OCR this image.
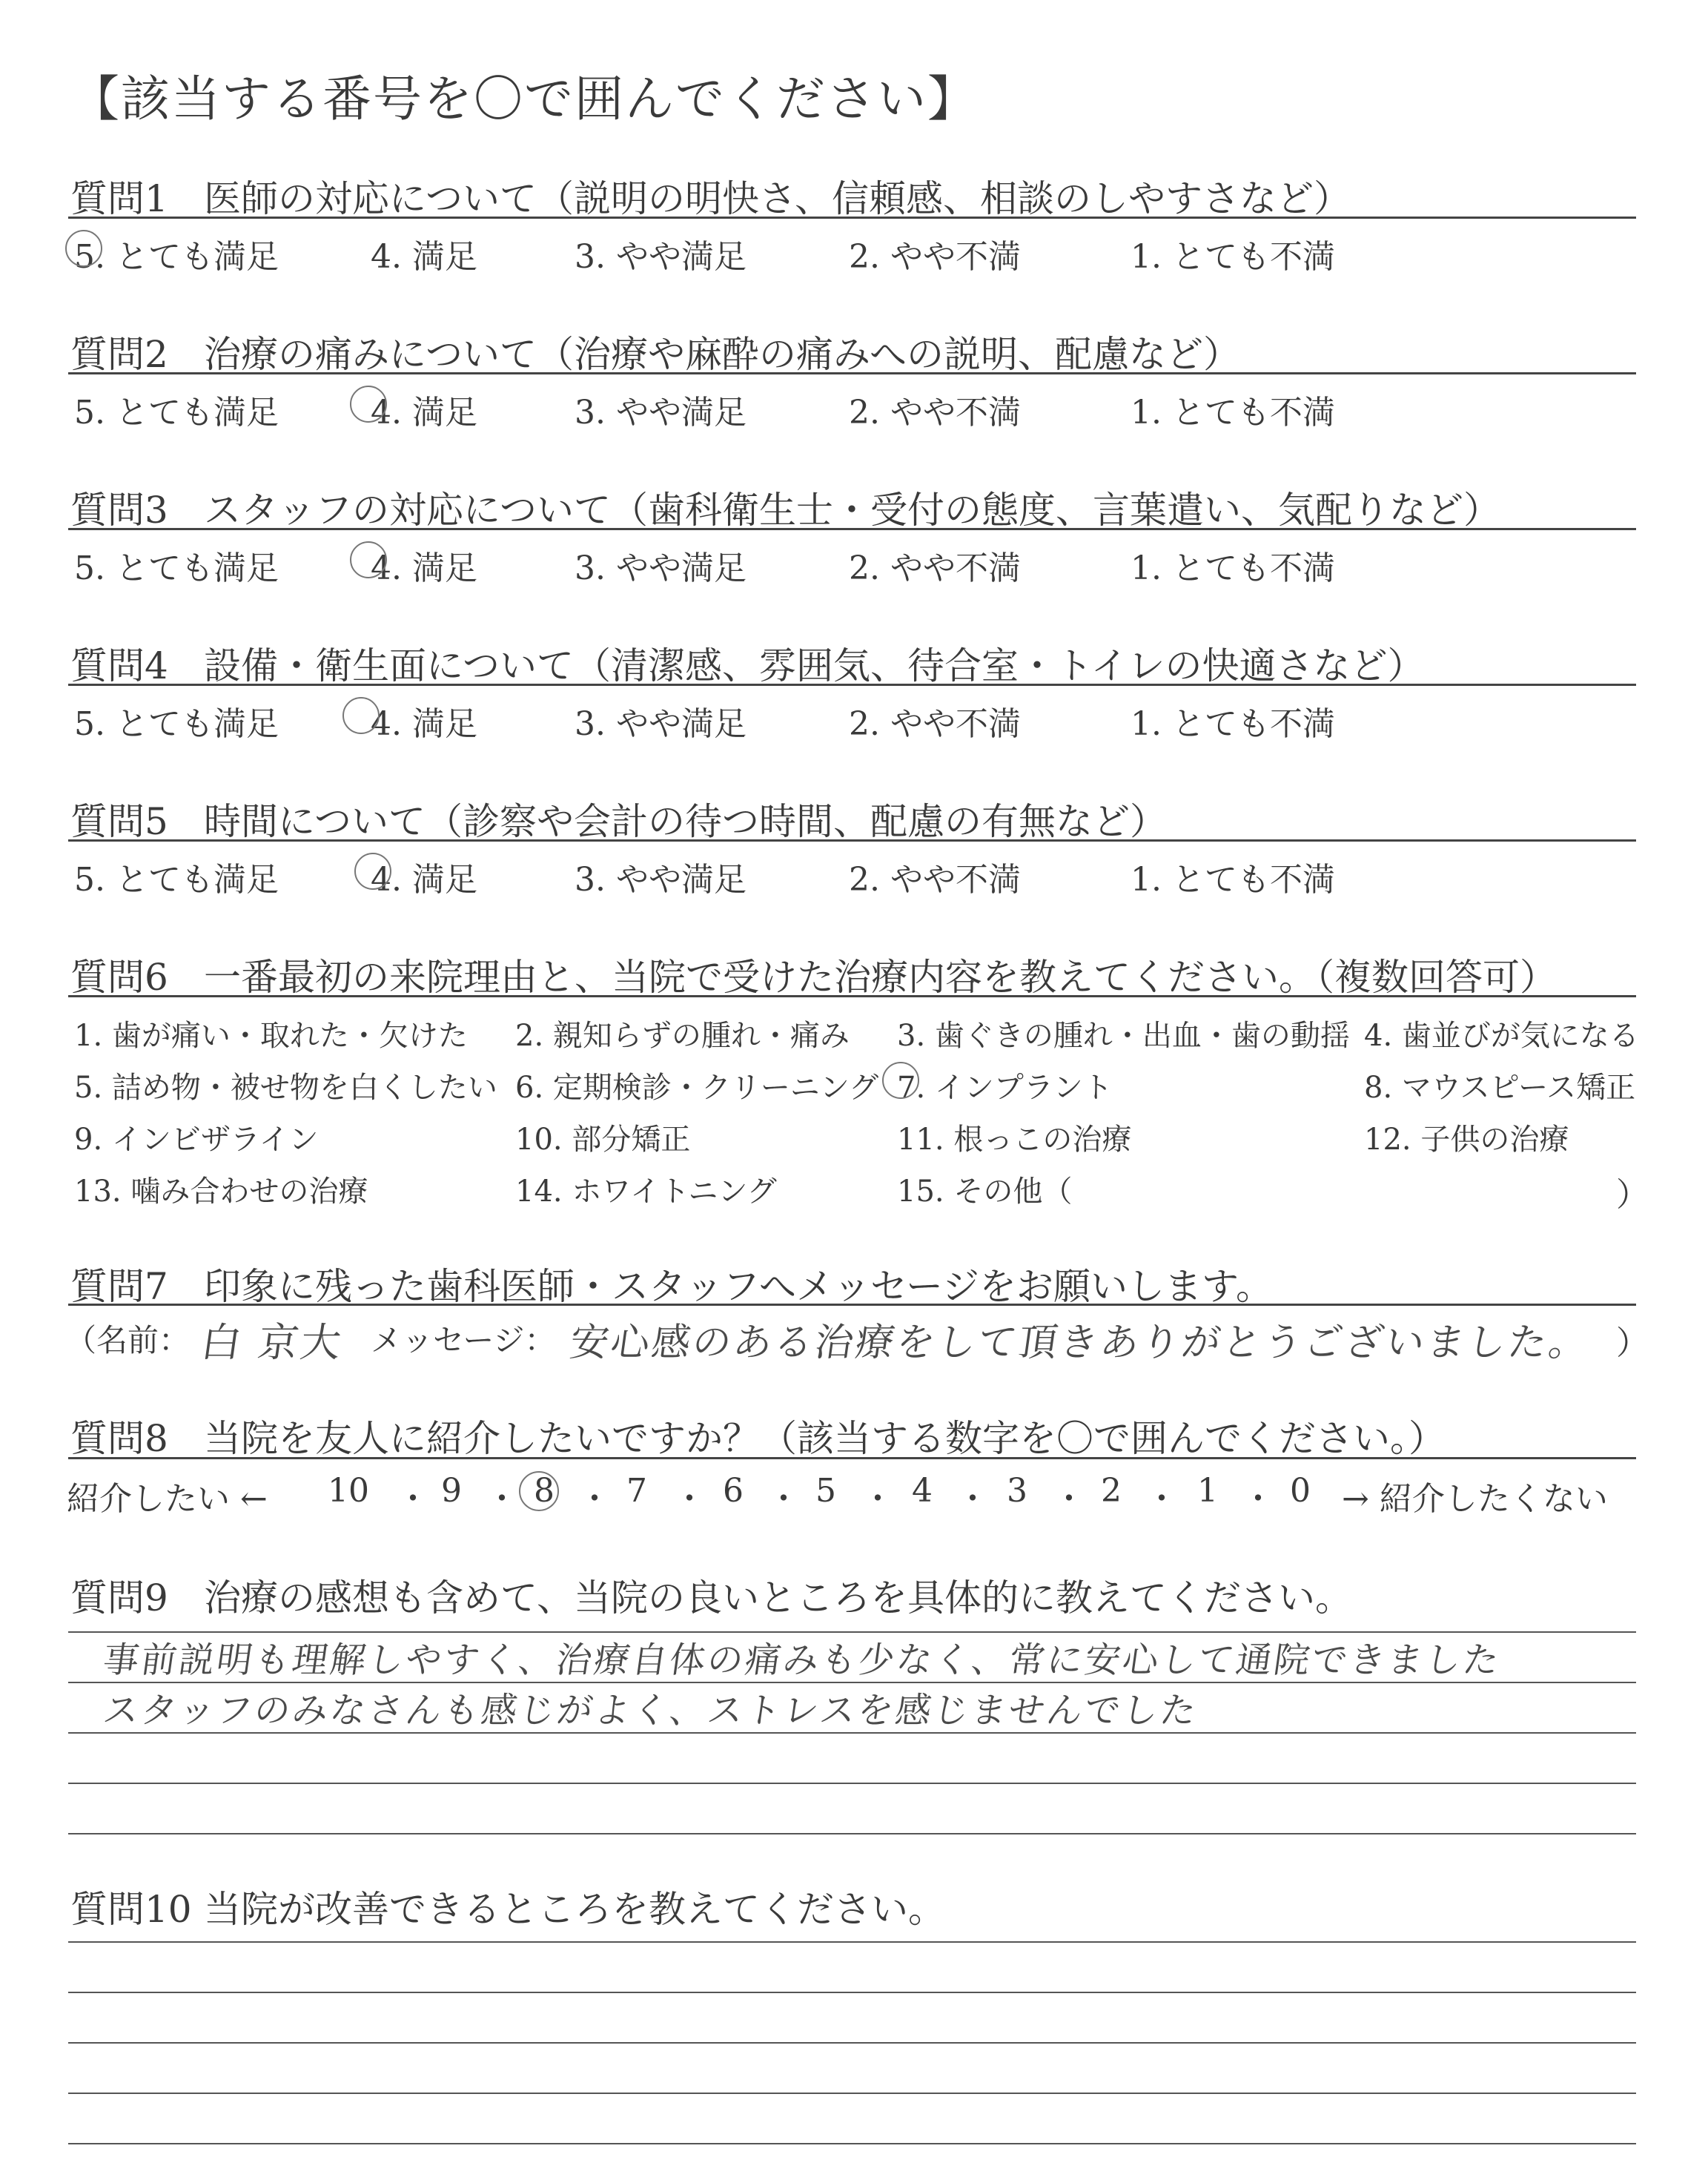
【該当する番号を〇で囲んでください】
質問1 医師の対応について（説明の明快さ、信頼感、相談のしやすさなど）
5. とても満足	4. 満足	3. やや満足	2. やや不満	1. とても不満
質問2 治療の痛みについて（治療や麻酔の痛みへの説明、配慮など）
5. とても満足	4. 満足	3. やや満足	2. やや不満	1. とても不満
質問3 スタッフの対応について（歯科衛生士・受付の態度、言葉遣い、気配りなど）
5. とても満足	4. 満足	3. やや満足	2. やや不満	1. とても不満
質問4 設備・衛生面について（清潔感、雰囲気、待合室・トイレの快適さなど）
5. とても満足	4. 満足	3. やや満足	2. やや不満	1. とても不満
質問5 時間について（診察や会計の待つ時間、配慮の有無など）
5. とても満足	4. 満足	3. やや満足	2. やや不満	1. とても不満
質問6 一番最初の来院理由と、当院で受けた治療内容を教えてください。（複数回答可）
1. 歯が痛い・取れた・欠けた 2. 親知らずの腫れ・痛み 3. 歯ぐきの腫れ・出血・歯の動揺 4. 歯並びが気になる
5. 詰め物・被せ物を白くしたい 6. 定期検診・クリーニング 7. インプラント	8. マウスピース矯正
9. インビザライン	10. 部分矯正	11. 根っこの治療	12. 子供の治療
13. 噛み合わせの治療	14. ホワイトニング	15. その他（	）
質問7 印象に残った歯科医師・スタッフへメッセージをお願いします。
（名前： 白 京大 メッセージ： 安心感のある治療をして頂きありがとうございました。 ）
質問8 当院を友人に紹介したいですか？（該当する数字を〇で囲んでください。）
紹介したい ← 10 ・ 9 ・ 8 ・ 7 ・ 6 ・ 5 ・ 4 ・ 3 ・ 2 ・ 1 ・ 0 → 紹介したくない
質問9 治療の感想も含めて、当院の良いところを具体的に教えてください。
事前説明も理解しやすく、治療自体の痛みも少なく、常に安心して通院できました
スタッフのみなさんも感じがよく、ストレスを感じませんでした
質問10 当院が改善できるところを教えてください。
